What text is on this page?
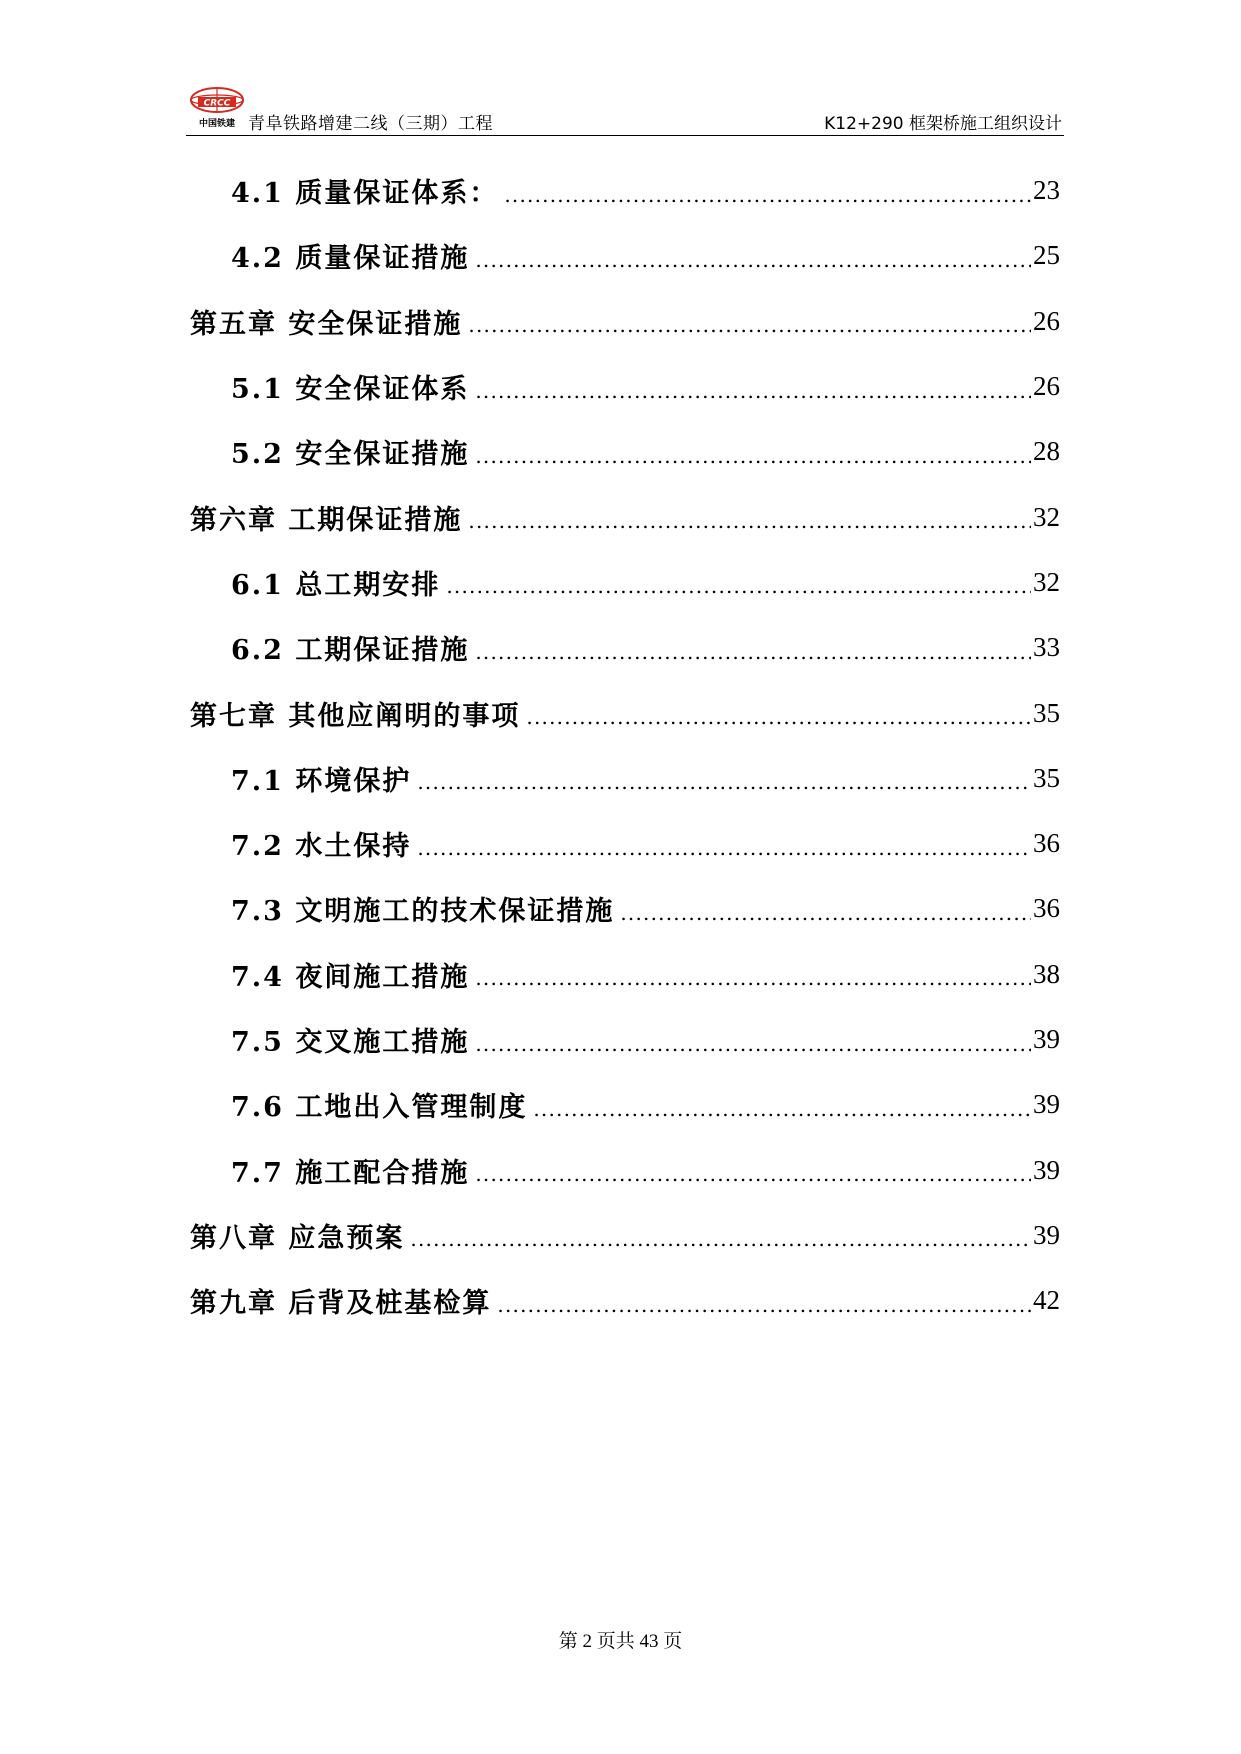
CRCC
中国铁建 青阜铁路增建二线（三期）工程	K12+290 框架桥施工组织设计
4.1 质量保证体系： .....	23
4.2 质量保证措施 .....	25
第五章 安全保证措施 .....	26
5.1 安全保证体系 .....	26
5.2 安全保证措施 .....	28
第六章 工期保证措施 .....	32
6.1 总工期安排 .....	32
6.2 工期保证措施 .....	33
第七章 其他应阐明的事项 .....	35
7.1 环境保护 .....	35
7.2 水土保持 .....	36
7.3 文明施工的技术保证措施 .....	36
7.4 夜间施工措施 .....	38
7.5 交叉施工措施 .....	39
7.6 工地出入管理制度 .....	39
7.7 施工配合措施 .....	39
第八章 应急预案 .....	39
第九章 后背及桩基检算 .....	42
第 2 页共 43 页
